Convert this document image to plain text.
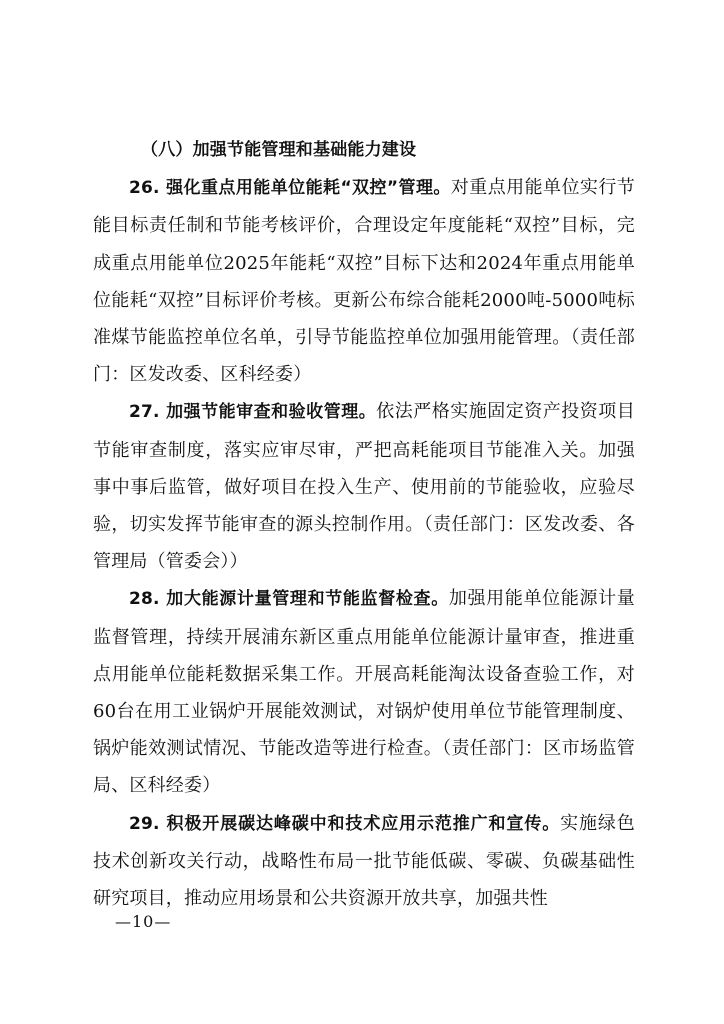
（八）加强节能管理和基础能力建设

26. 强化重点用能单位能耗“双控”管理。对重点用能单位实行节能目标责任制和节能考核评价，合理设定年度能耗“双控”目标，完成重点用能单位2025年能耗“双控”目标下达和2024年重点用能单位能耗“双控”目标评价考核。更新公布综合能耗2000吨-5000吨标准煤节能监控单位名单，引导节能监控单位加强用能管理。（责任部门：区发改委、区科经委）

27. 加强节能审查和验收管理。依法严格实施固定资产投资项目节能审查制度，落实应审尽审，严把高耗能项目节能准入关。加强事中事后监管，做好项目在投入生产、使用前的节能验收，应验尽验，切实发挥节能审查的源头控制作用。（责任部门：区发改委、各管理局（管委会））

28. 加大能源计量管理和节能监督检查。加强用能单位能源计量监督管理，持续开展浦东新区重点用能单位能源计量审查，推进重点用能单位能耗数据采集工作。开展高耗能淘汰设备查验工作，对60台在用工业锅炉开展能效测试，对锅炉使用单位节能管理制度、锅炉能效测试情况、节能改造等进行检查。（责任部门：区市场监管局、区科经委）

29. 积极开展碳达峰碳中和技术应用示范推广和宣传。实施绿色技术创新攻关行动，战略性布局一批节能低碳、零碳、负碳基础性研究项目，推动应用场景和公共资源开放共享，加强共性

—10—
